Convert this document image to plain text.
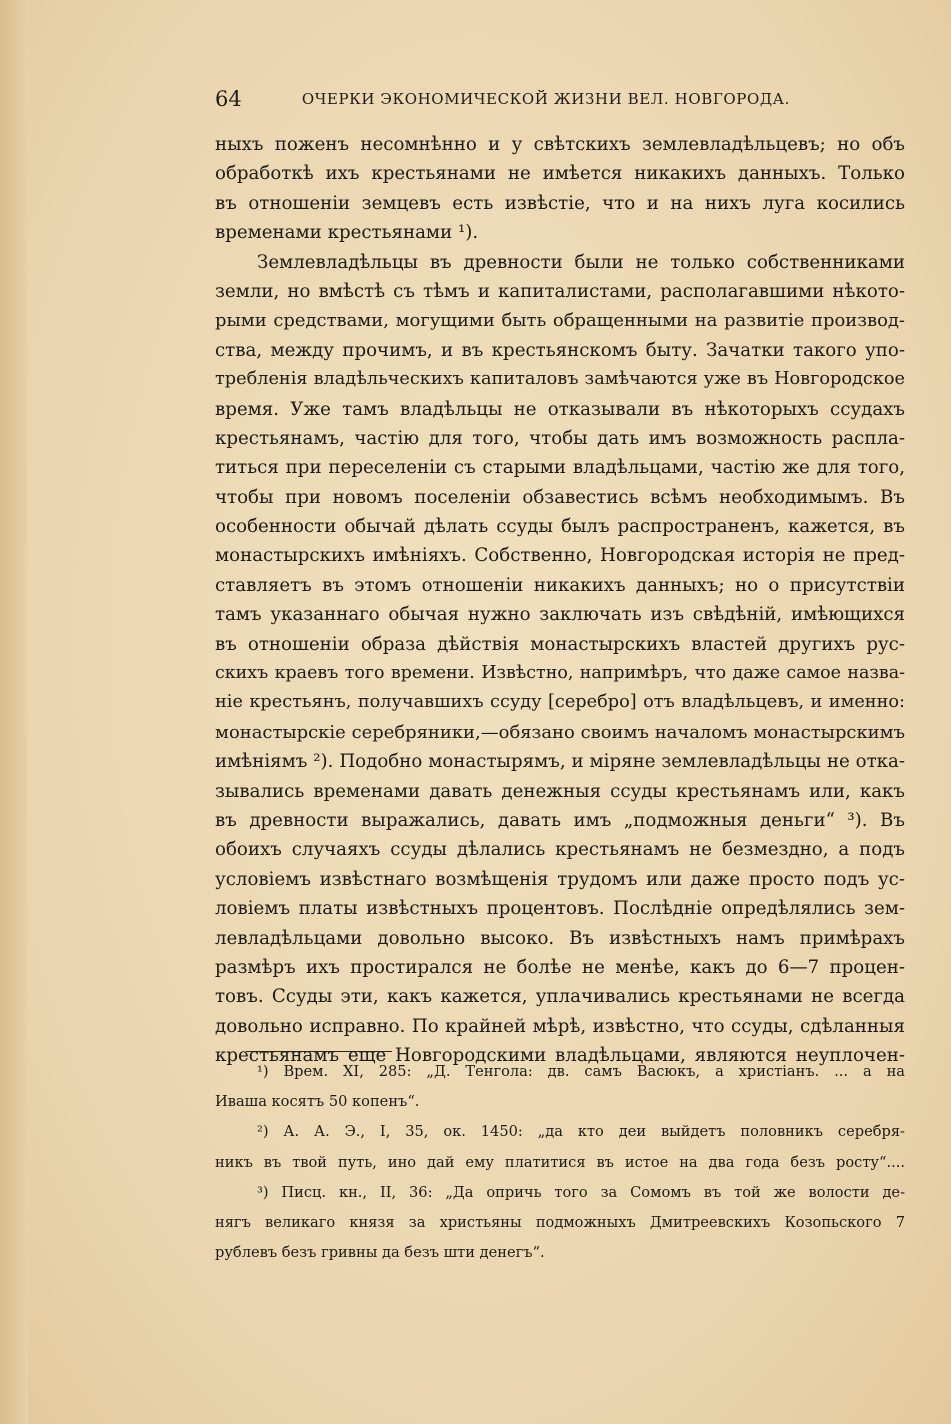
64	ОЧЕРКИ ЭКОНОМИЧЕСКОЙ ЖИЗНИ ВЕЛ. НОВГОРОДА.
ныхъ поженъ несомнѣнно и у свѣтскихъ землевладѣльцевъ; но объ
обработкѣ ихъ крестьянами не имѣется никакихъ данныхъ. Только
въ отношеніи земцевъ есть извѣстіе, что и на нихъ луга косились
временами крестьянами ¹).
Землевладѣльцы въ древности были не только собственниками
земли, но вмѣстѣ съ тѣмъ и капиталистами, располагавшими нѣкото-
рыми средствами, могущими быть обращенными на развитіе производ-
ства, между прочимъ, и въ крестьянскомъ быту. Зачатки такого упо-
требленія владѣльческихъ капиталовъ замѣчаются уже въ Новгородское
время. Уже тамъ владѣльцы не отказывали въ нѣкоторыхъ ссудахъ
крестьянамъ, частію для того, чтобы дать имъ возможность распла-
титься при переселеніи съ старыми владѣльцами, частію же для того,
чтобы при новомъ поселеніи обзавестись всѣмъ необходимымъ. Въ
особенности обычай дѣлать ссуды былъ распространенъ, кажется, въ
монастырскихъ имѣніяхъ. Собственно, Новгородская исторія не пред-
ставляетъ въ этомъ отношеніи никакихъ данныхъ; но о присутствіи
тамъ указаннаго обычая нужно заключать изъ свѣдѣній, имѣющихся
въ отношеніи образа дѣйствія монастырскихъ властей другихъ рус-
скихъ краевъ того времени. Извѣстно, напримѣръ, что даже самое назва-
ніе крестьянъ, получавшихъ ссуду [серебро] отъ владѣльцевъ, и именно:
монастырскіе серебряники,—обязано своимъ началомъ монастырскимъ
имѣніямъ ²). Подобно монастырямъ, и міряне землевладѣльцы не отка-
зывались временами давать денежныя ссуды крестьянамъ или, какъ
въ древности выражались, давать имъ „подможныя деньги“ ³). Въ
обоихъ случаяхъ ссуды дѣлались крестьянамъ не безмездно, а подъ
условіемъ извѣстнаго возмѣщенія трудомъ или даже просто подъ ус-
ловіемъ платы извѣстныхъ процентовъ. Послѣдніе опредѣлялись зем-
левладѣльцами довольно высоко. Въ извѣстныхъ намъ примѣрахъ
размѣръ ихъ простирался не болѣе не менѣе, какъ до 6—7 процен-
товъ. Ссуды эти, какъ кажется, уплачивались крестьянами не всегда
довольно исправно. По крайней мѣрѣ, извѣстно, что ссуды, сдѣланныя
крестьянамъ еще Новгородскими владѣльцами, являются неуплочен-
¹) Врем. XI, 285: „Д. Тенгола: дв. самъ Васюкъ, а христіанъ. ... а на
Иваша косятъ 50 копенъ“.
²) А. А. Э., I, 35, ок. 1450: „да кто деи выйдетъ половникъ серебря-
никъ въ твой путь, ино дай ему платитися въ истое на два года безъ росту“....
³) Писц. кн., II, 36: „Да опричь того за Сомомъ въ той же волости де-
нягъ великаго князя за христьяны подможныхъ Дмитреевскихъ Козопьского 7
рублевъ безъ гривны да безъ шти денегъ“.
